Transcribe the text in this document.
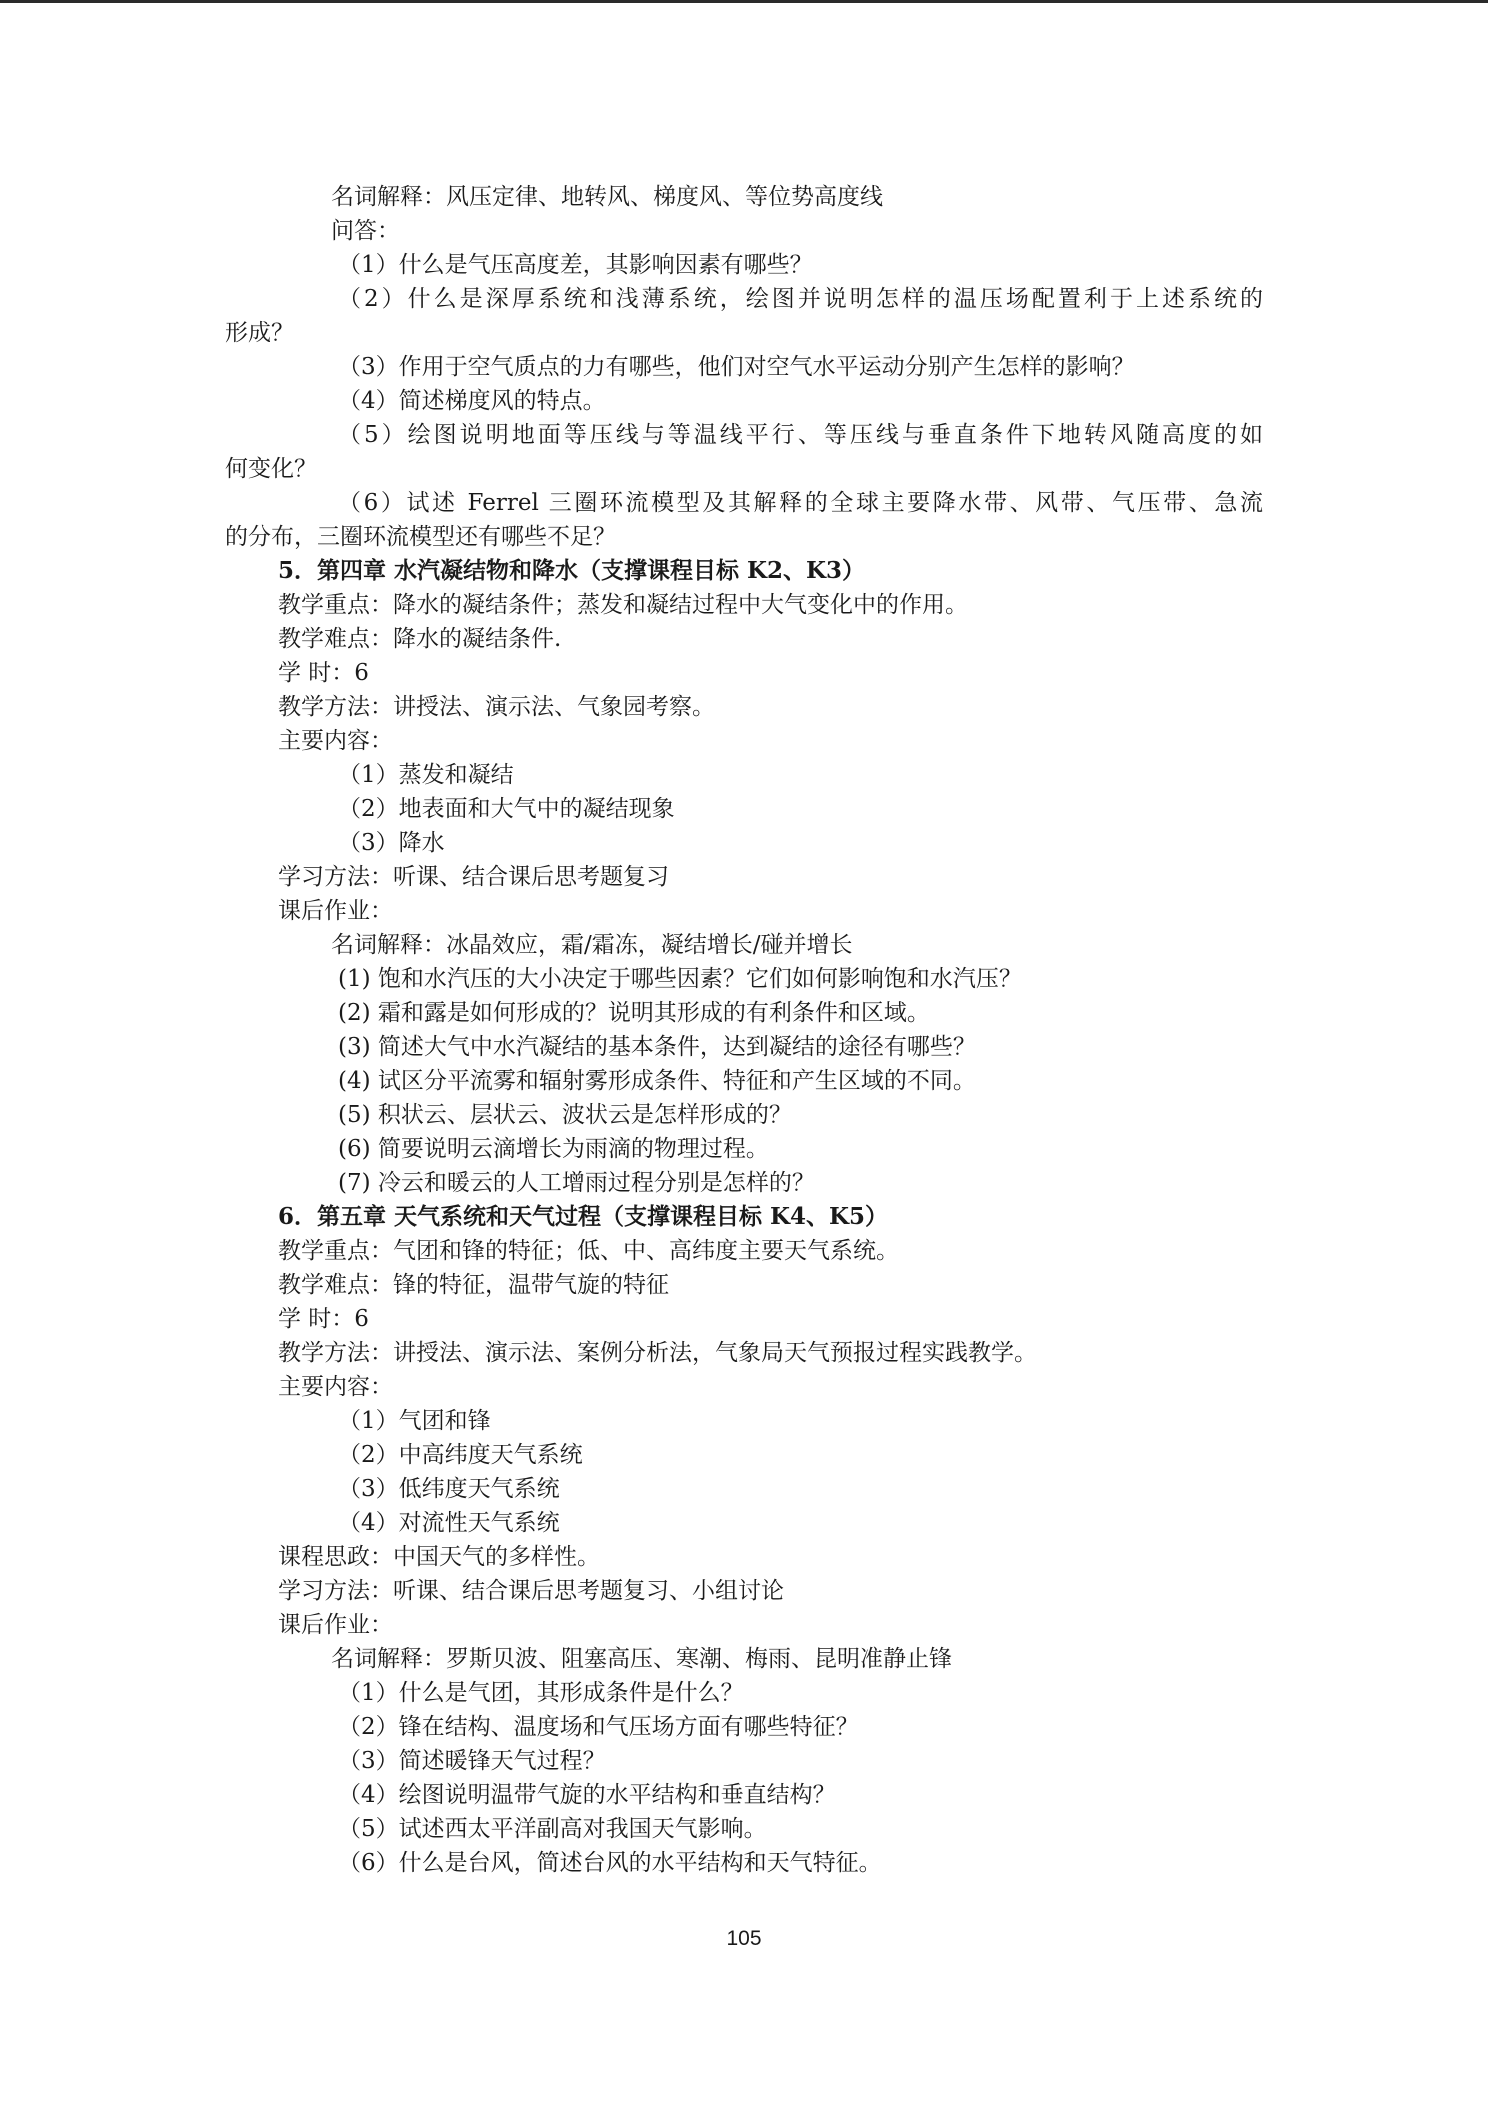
名词解释：风压定律、地转风、梯度风、等位势高度线
问答：
（1）什么是气压高度差，其影响因素有哪些？
（2）什么是深厚系统和浅薄系统，绘图并说明怎样的温压场配置利于上述系统的
形成？
（3）作用于空气质点的力有哪些，他们对空气水平运动分别产生怎样的影响？
（4）简述梯度风的特点。
（5）绘图说明地面等压线与等温线平行、等压线与垂直条件下地转风随高度的如
何变化？
（6）试述 Ferrel 三圈环流模型及其解释的全球主要降水带、风带、气压带、急流
的分布，三圈环流模型还有哪些不足？
5．第四章 水汽凝结物和降水（支撑课程目标 K2、K3）
教学重点：降水的凝结条件；蒸发和凝结过程中大气变化中的作用。
教学难点：降水的凝结条件.
学 时：6
教学方法：讲授法、演示法、气象园考察。
主要内容：
（1）蒸发和凝结
（2）地表面和大气中的凝结现象
（3）降水
学习方法：听课、结合课后思考题复习
课后作业：
名词解释：冰晶效应，霜/霜冻，凝结增长/碰并增长
(1) 饱和水汽压的大小决定于哪些因素？它们如何影响饱和水汽压？
(2) 霜和露是如何形成的？说明其形成的有利条件和区域。
(3) 简述大气中水汽凝结的基本条件，达到凝结的途径有哪些？
(4) 试区分平流雾和辐射雾形成条件、特征和产生区域的不同。
(5) 积状云、层状云、波状云是怎样形成的？
(6) 简要说明云滴增长为雨滴的物理过程。
(7) 冷云和暖云的人工增雨过程分别是怎样的？
6．第五章 天气系统和天气过程（支撑课程目标 K4、K5）
教学重点：气团和锋的特征；低、中、高纬度主要天气系统。
教学难点：锋的特征，温带气旋的特征
学 时：6
教学方法：讲授法、演示法、案例分析法，气象局天气预报过程实践教学。
主要内容：
（1）气团和锋
（2）中高纬度天气系统
（3）低纬度天气系统
（4）对流性天气系统
课程思政：中国天气的多样性。
学习方法：听课、结合课后思考题复习、小组讨论
课后作业：
名词解释：罗斯贝波、阻塞高压、寒潮、梅雨、昆明准静止锋
（1）什么是气团，其形成条件是什么？
（2）锋在结构、温度场和气压场方面有哪些特征？
（3）简述暖锋天气过程？
（4）绘图说明温带气旋的水平结构和垂直结构？
（5）试述西太平洋副高对我国天气影响。
（6）什么是台风，简述台风的水平结构和天气特征。
105
